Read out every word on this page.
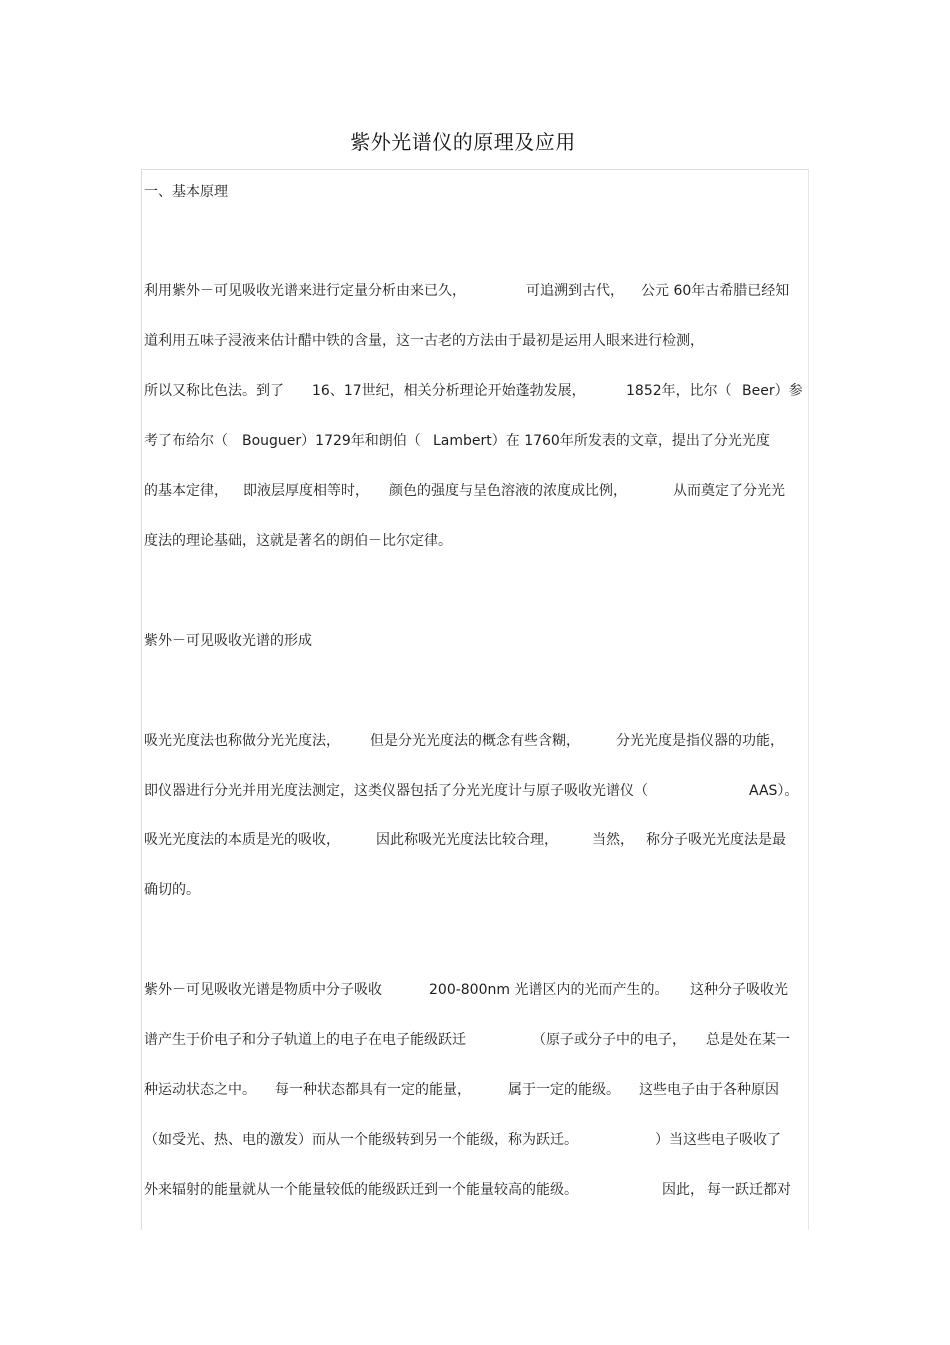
紫外光谱仪的原理及应用
一、基本原理
利用紫外－可见吸收光谱来进行定量分析由来已久，	可追溯到古代， 公元 60年古希腊已经知
道利用五味子浸液来估计醋中铁的含量，这一古老的方法由于最初是运用人眼来进行检测，
所以又称比色法。到了 16、17世纪，相关分析理论开始蓬勃发展，	1852年，比尔（ Beer）参
考了布给尔（ Bouguer）1729年和朗伯（ Lambert）在 1760年所发表的文章，提出了分光光度
的基本定律， 即液层厚度相等时， 颜色的强度与呈色溶液的浓度成比例，	从而奠定了分光光
度法的理论基础，这就是著名的朗伯－比尔定律。
紫外－可见吸收光谱的形成
吸光光度法也称做分光光度法， 但是分光光度法的概念有些含糊，	分光光度是指仪器的功能，
即仪器进行分光并用光度法测定，这类仪器包括了分光光度计与原子吸收光谱仪（	AAS）。
吸光光度法的本质是光的吸收，	因此称吸光光度法比较合理， 当然， 称分子吸光光度法是最
确切的。
紫外－可见吸收光谱是物质中分子吸收	200-800nm 光谱区内的光而产生的。 这种分子吸收光
谱产生于价电子和分子轨道上的电子在电子能级跃迁	（原子或分子中的电子， 总是处在某一
种运动状态之中。 每一种状态都具有一定的能量，	属于一定的能级。 这些电子由于各种原因
（如受光、热、电的激发）而从一个能级转到另一个能级，称为跃迁。	）当这些电子吸收了
外来辐射的能量就从一个能量较低的能级跃迁到一个能量较高的能级。	因此， 每一跃迁都对
